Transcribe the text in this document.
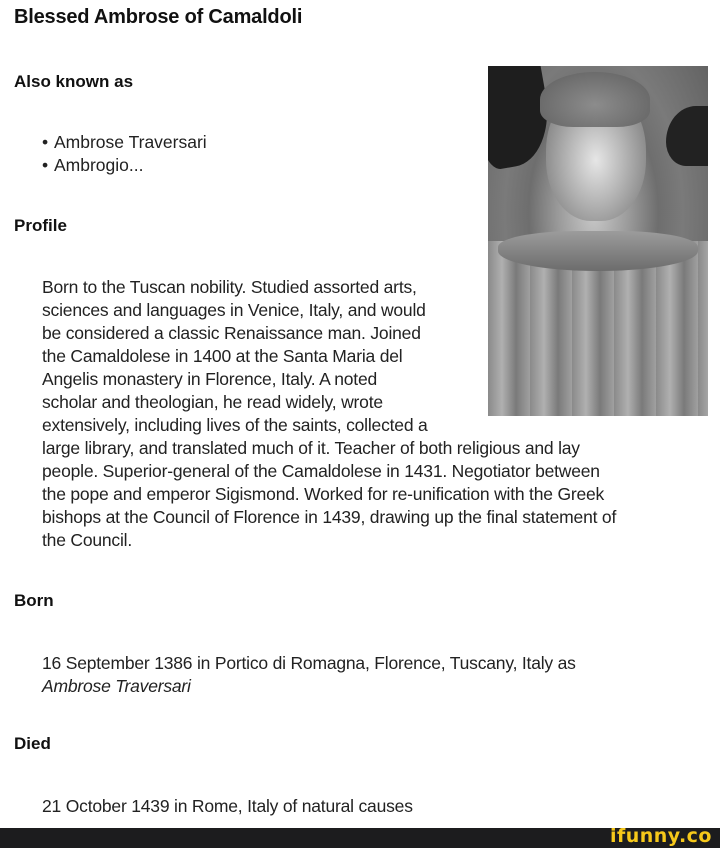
Blessed Ambrose of Camaldoli
Also known as
• Ambrose Traversari
• Ambrogio...
Profile
Born to the Tuscan nobility. Studied assorted arts,
sciences and languages in Venice, Italy, and would
be considered a classic Renaissance man. Joined
the Camaldolese in 1400 at the Santa Maria del
Angelis monastery in Florence, Italy. A noted
scholar and theologian, he read widely, wrote
extensively, including lives of the saints, collected a
large library, and translated much of it. Teacher of both religious and lay
people. Superior-general of the Camaldolese in 1431. Negotiator between
the pope and emperor Sigismond. Worked for re-unification with the Greek
bishops at the Council of Florence in 1439, drawing up the final statement of
the Council.
Born
16 September 1386 in Portico di Romagna, Florence, Tuscany, Italy as
Ambrose Traversari
Died
21 October 1439 in Rome, Italy of natural causes
ifunny.co
